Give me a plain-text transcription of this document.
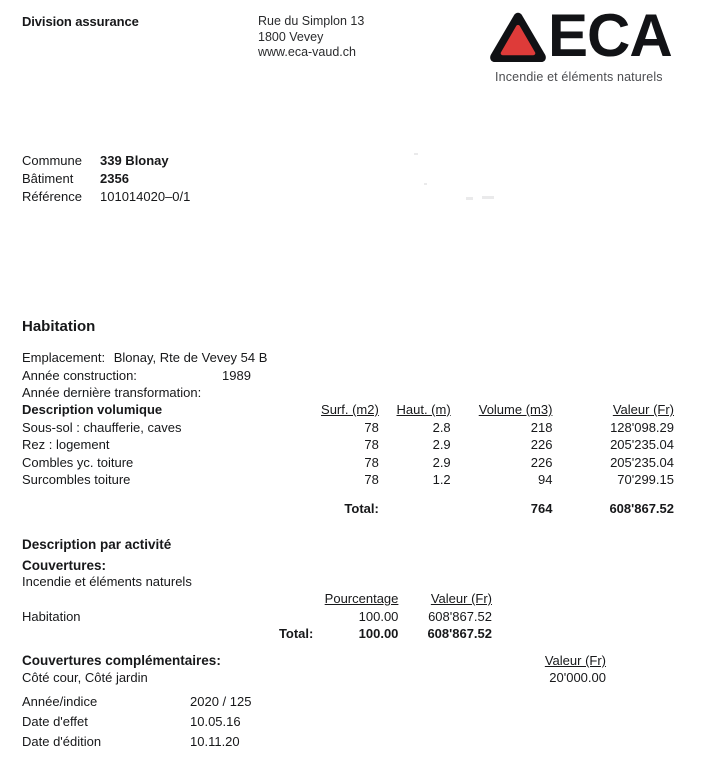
Division assurance	Rue du Simplon 13
1800 Vevey
www.eca-vaud.ch	ECA
Incendie et éléments naturels
Commune 339 Blonay
Bâtiment 2356
Référence 101014020–0/1
Habitation
Emplacement: Blonay, Rte de Vevey 54 B
Année construction:	1989
Année dernière transformation:
Description volumique	Surf. (m2)	Haut. (m)	Volume (m3)	Valeur (Fr)
Sous-sol : chaufferie, caves	78	2.8	218	128'098.29
Rez : logement	78	2.9	226	205'235.04
Combles yc. toiture	78	2.9	226	205'235.04
Surcombles toiture	78	1.2	94	70'299.15
	Total:		764	608'867.52
Description par activité
Couvertures:
Incendie et éléments naturels

		Pourcentage	Valeur (Fr)
Habitation		100.00	608'867.52
	Total:	100.00	608'867.52
Couvertures complémentaires:	Valeur (Fr)
Côté cour, Côté jardin	20'000.00
Année/indice	2020 / 125
Date d'effet	10.05.16
Date d'édition	10.11.20
